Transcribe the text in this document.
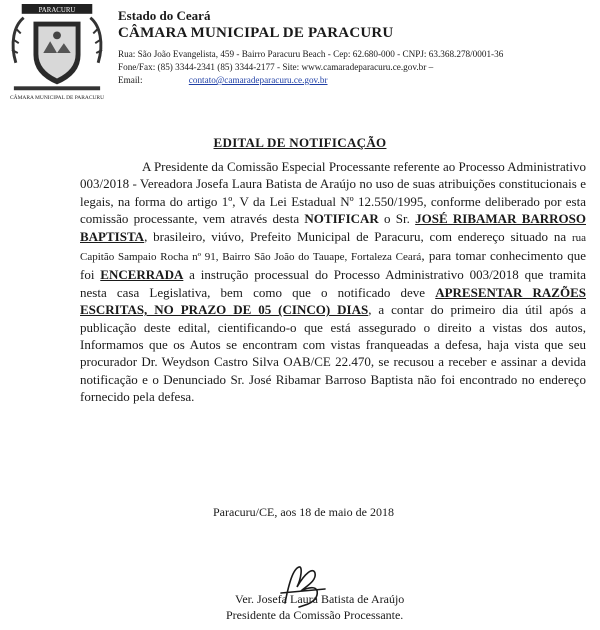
PARACURU
CÂMARA MUNICIPAL DE PARACURU

Estado do Ceará

CÂMARA MUNICIPAL DE PARACURU

Rua: São João Evangelista, 459 - Bairro Paracuru Beach - Cep: 62.680-000 - CNPJ: 63.368.278/0001-36
Fone/Fax: (85) 3344-2341 (85) 3344-2177 - Site: www.camaradeparacuru.ce.gov.br –
Email:	contato@camaradeparacuru.ce.gov.br
EDITAL DE NOTIFICAÇÃO

A Presidente da Comissão Especial Processante referente ao Processo Administrativo 003/2018 - Vereadora Josefa Laura Batista de Araújo no uso de suas atribuições constitucionais e legais, na forma do artigo 1º, V da Lei Estadual Nº 12.550/1995, conforme deliberado por esta comissão processante, vem através desta NOTIFICAR o Sr. JOSÉ RIBAMAR BARROSO BAPTISTA, brasileiro, viúvo, Prefeito Municipal de Paracuru, com endereço situado na rua Capitão Sampaio Rocha nº 91, Bairro São João do Tauape, Fortaleza Ceará, para tomar conhecimento que foi ENCERRADA a instrução processual do Processo Administrativo 003/2018 que tramita nesta casa Legislativa, bem como que o notificado deve APRESENTAR RAZÕES ESCRITAS, NO PRAZO DE 05 (CINCO) DIAS, a contar do primeiro dia útil após a publicação deste edital, cientificando-o que está assegurado o direito a vistas dos autos, Informamos que os Autos se encontram com vistas franqueadas a defesa, haja vista que seu procurador Dr. Weydson Castro Silva OAB/CE 22.470, se recusou a receber e assinar a devida notificação e o Denunciado Sr. José Ribamar Barroso Baptista não foi encontrado no endereço fornecido pela defesa.

Paracuru/CE, aos 18 de maio de 2018
Ver. Josefa Laura Batista de Araújo
Presidente da Comissão Processante.
